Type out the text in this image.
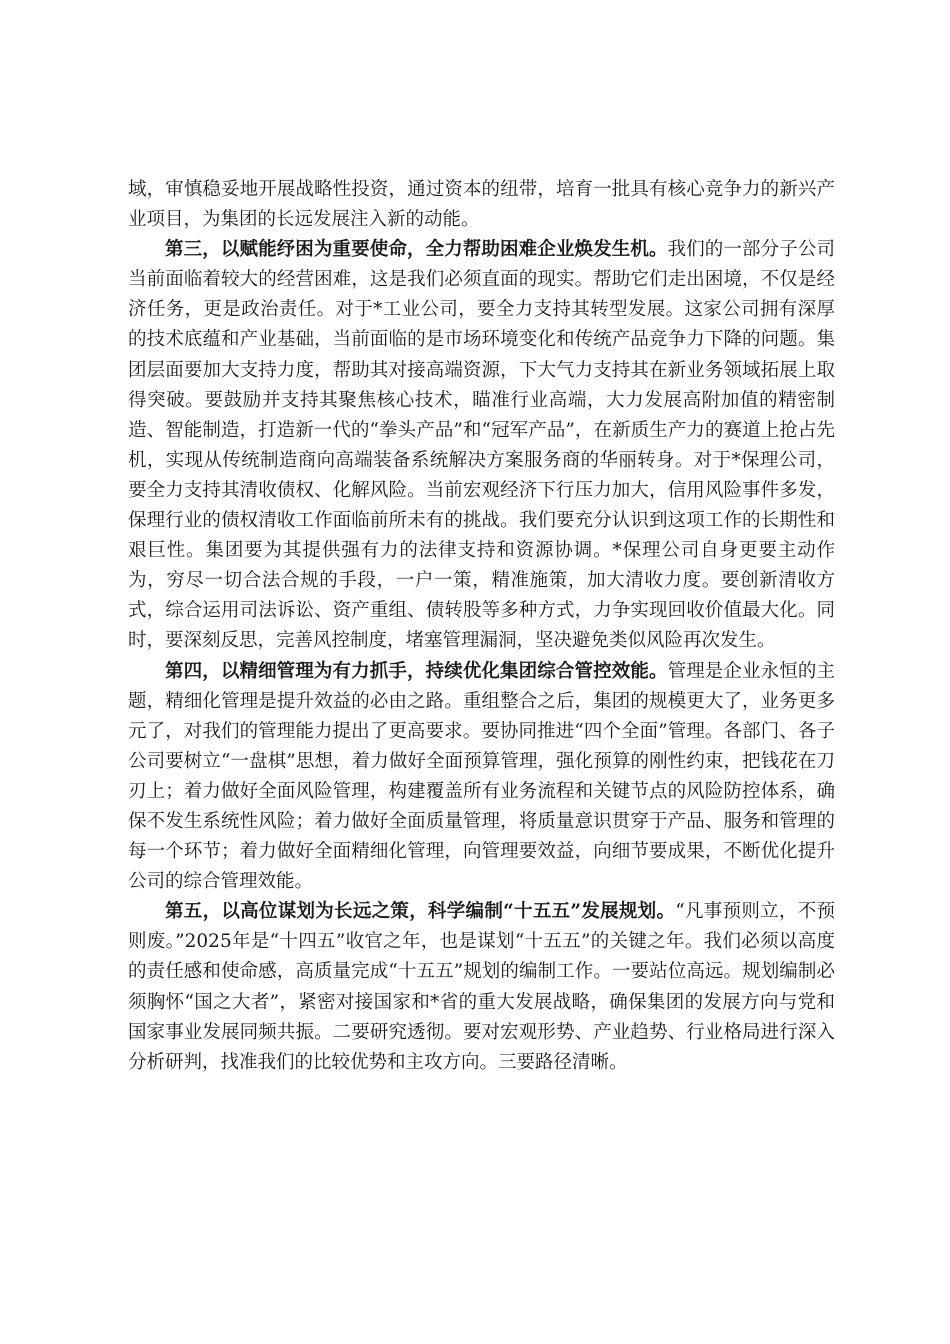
域，审慎稳妥地开展战略性投资，通过资本的纽带，培育一批具有核心竞争力的新兴产业项目，为集团的长远发展注入新的动能。

第三，以赋能纾困为重要使命，全力帮助困难企业焕发生机。我们的一部分子公司当前面临着较大的经营困难，这是我们必须直面的现实。帮助它们走出困境，不仅是经济任务，更是政治责任。对于*工业公司，要全力支持其转型发展。这家公司拥有深厚的技术底蕴和产业基础，当前面临的是市场环境变化和传统产品竞争力下降的问题。集团层面要加大支持力度，帮助其对接高端资源，下大气力支持其在新业务领域拓展上取得突破。要鼓励并支持其聚焦核心技术，瞄准行业高端，大力发展高附加值的精密制造、智能制造，打造新一代的“拳头产品”和“冠军产品”，在新质生产力的赛道上抢占先机，实现从传统制造商向高端装备系统解决方案服务商的华丽转身。对于*保理公司，要全力支持其清收债权、化解风险。当前宏观经济下行压力加大，信用风险事件多发，保理行业的债权清收工作面临前所未有的挑战。我们要充分认识到这项工作的长期性和艰巨性。集团要为其提供强有力的法律支持和资源协调。*保理公司自身更要主动作为，穷尽一切合法合规的手段，一户一策，精准施策，加大清收力度。要创新清收方式，综合运用司法诉讼、资产重组、债转股等多种方式，力争实现回收价值最大化。同时，要深刻反思，完善风控制度，堵塞管理漏洞，坚决避免类似风险再次发生。

第四，以精细管理为有力抓手，持续优化集团综合管控效能。管理是企业永恒的主题，精细化管理是提升效益的必由之路。重组整合之后，集团的规模更大了，业务更多元了，对我们的管理能力提出了更高要求。要协同推进“四个全面”管理。各部门、各子公司要树立“一盘棋”思想，着力做好全面预算管理，强化预算的刚性约束，把钱花在刀刃上；着力做好全面风险管理，构建覆盖所有业务流程和关键节点的风险防控体系，确保不发生系统性风险；着力做好全面质量管理，将质量意识贯穿于产品、服务和管理的每一个环节；着力做好全面精细化管理，向管理要效益，向细节要成果，不断优化提升公司的综合管理效能。

第五，以高位谋划为长远之策，科学编制“十五五”发展规划。“凡事预则立，不预则废。”2025年是“十四五”收官之年，也是谋划“十五五”的关键之年。我们必须以高度的责任感和使命感，高质量完成“十五五”规划的编制工作。一要站位高远。规划编制必须胸怀“国之大者”，紧密对接国家和*省的重大发展战略，确保集团的发展方向与党和国家事业发展同频共振。二要研究透彻。要对宏观形势、产业趋势、行业格局进行深入分析研判，找准我们的比较优势和主攻方向。三要路径清晰。
